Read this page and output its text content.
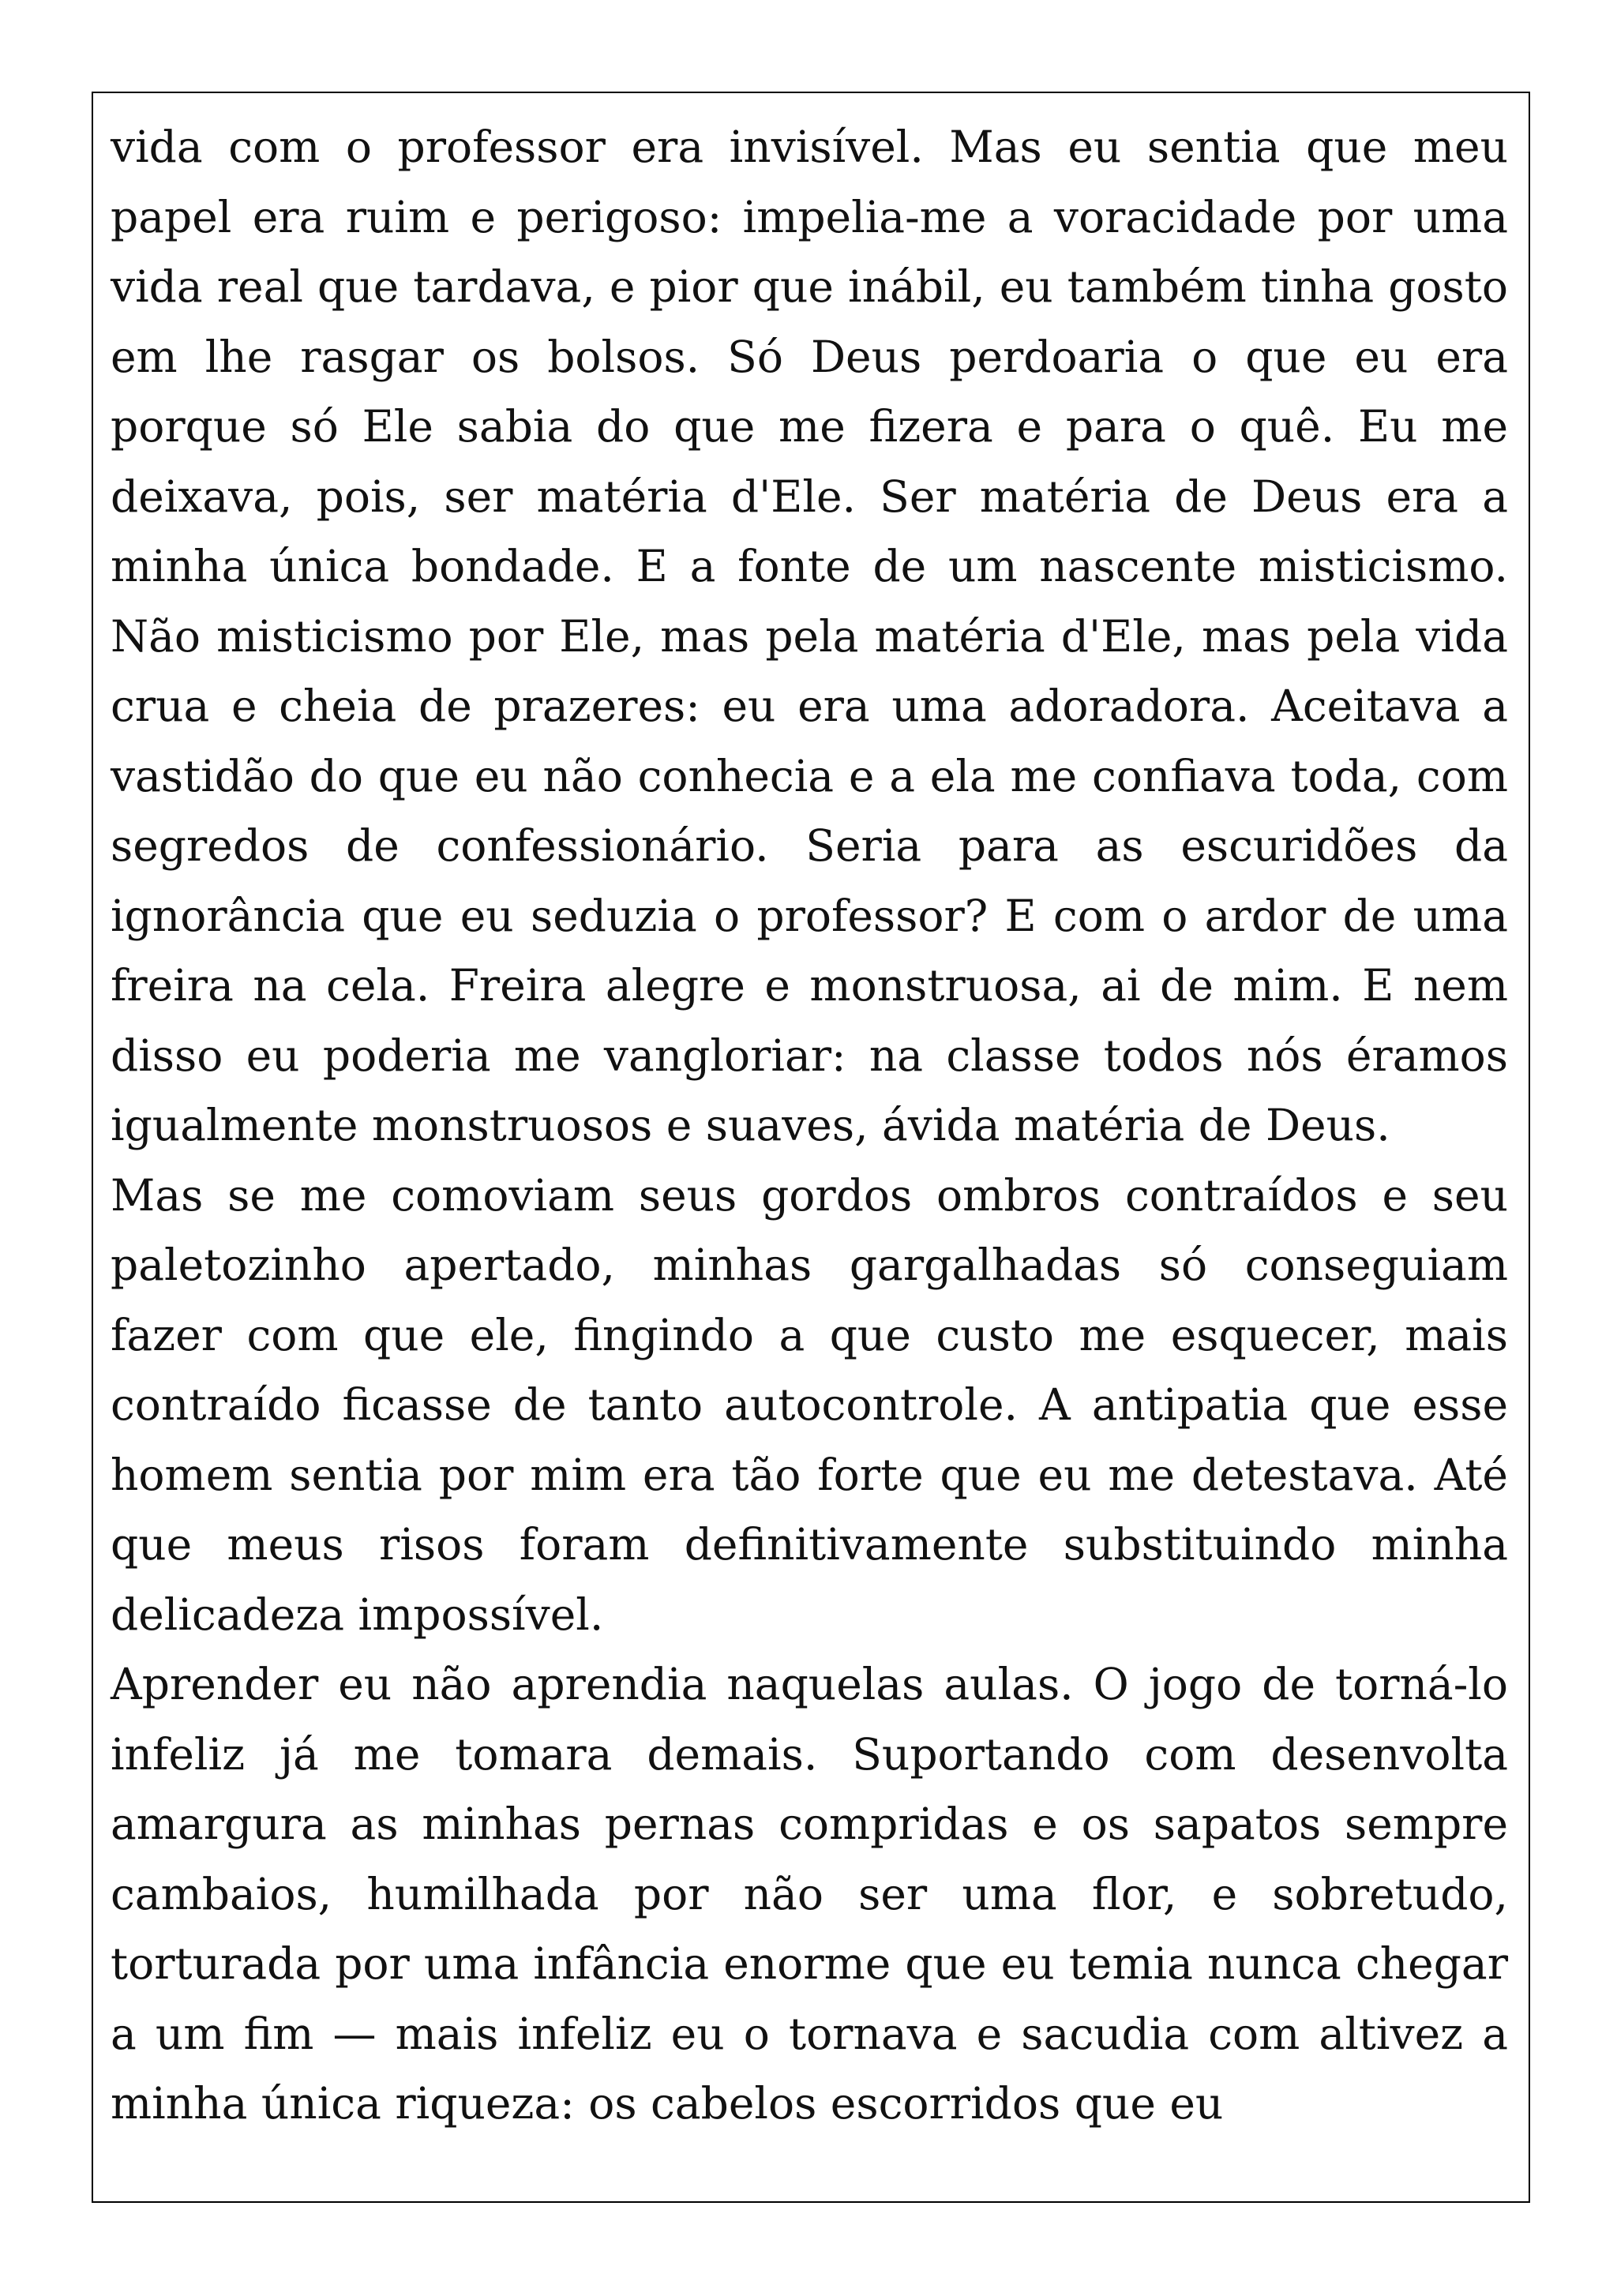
vida com o professor era invisível. Mas eu sentia que meu papel era ruim e perigoso: impelia-me a voracidade por uma vida real que tardava, e pior que inábil, eu também tinha gosto em lhe rasgar os bolsos. Só Deus perdoaria o que eu era porque só Ele sabia do que me fizera e para o quê. Eu me deixava, pois, ser matéria d'Ele. Ser matéria de Deus era a minha única bondade. E a fonte de um nascente misticismo. Não misticismo por Ele, mas pela matéria d'Ele, mas pela vida crua e cheia de prazeres: eu era uma adoradora. Aceitava a vastidão do que eu não conhecia e a ela me confiava toda, com segredos de confessionário. Seria para as escuridões da ignorância que eu seduzia o professor? E com o ardor de uma freira na cela. Freira alegre e monstruosa, ai de mim. E nem disso eu poderia me vangloriar: na classe todos nós éramos igualmente monstruosos e suaves, ávida matéria de Deus.

Mas se me comoviam seus gordos ombros contraídos e seu paletozinho apertado, minhas gargalhadas só conseguiam fazer com que ele, fingindo a que custo me esquecer, mais contraído ficasse de tanto autocontrole. A antipatia que esse homem sentia por mim era tão forte que eu me detestava. Até que meus risos foram definitivamente substituindo minha delicadeza impossível.

Aprender eu não aprendia naquelas aulas. O jogo de torná-lo infeliz já me tomara demais. Suportando com desenvolta amargura as minhas pernas compridas e os sapatos sempre cambaios, humilhada por não ser uma flor, e sobretudo, torturada por uma infância enorme que eu temia nunca chegar a um fim — mais infeliz eu o tornava e sacudia com altivez a minha única riqueza: os cabelos escorridos que eu
